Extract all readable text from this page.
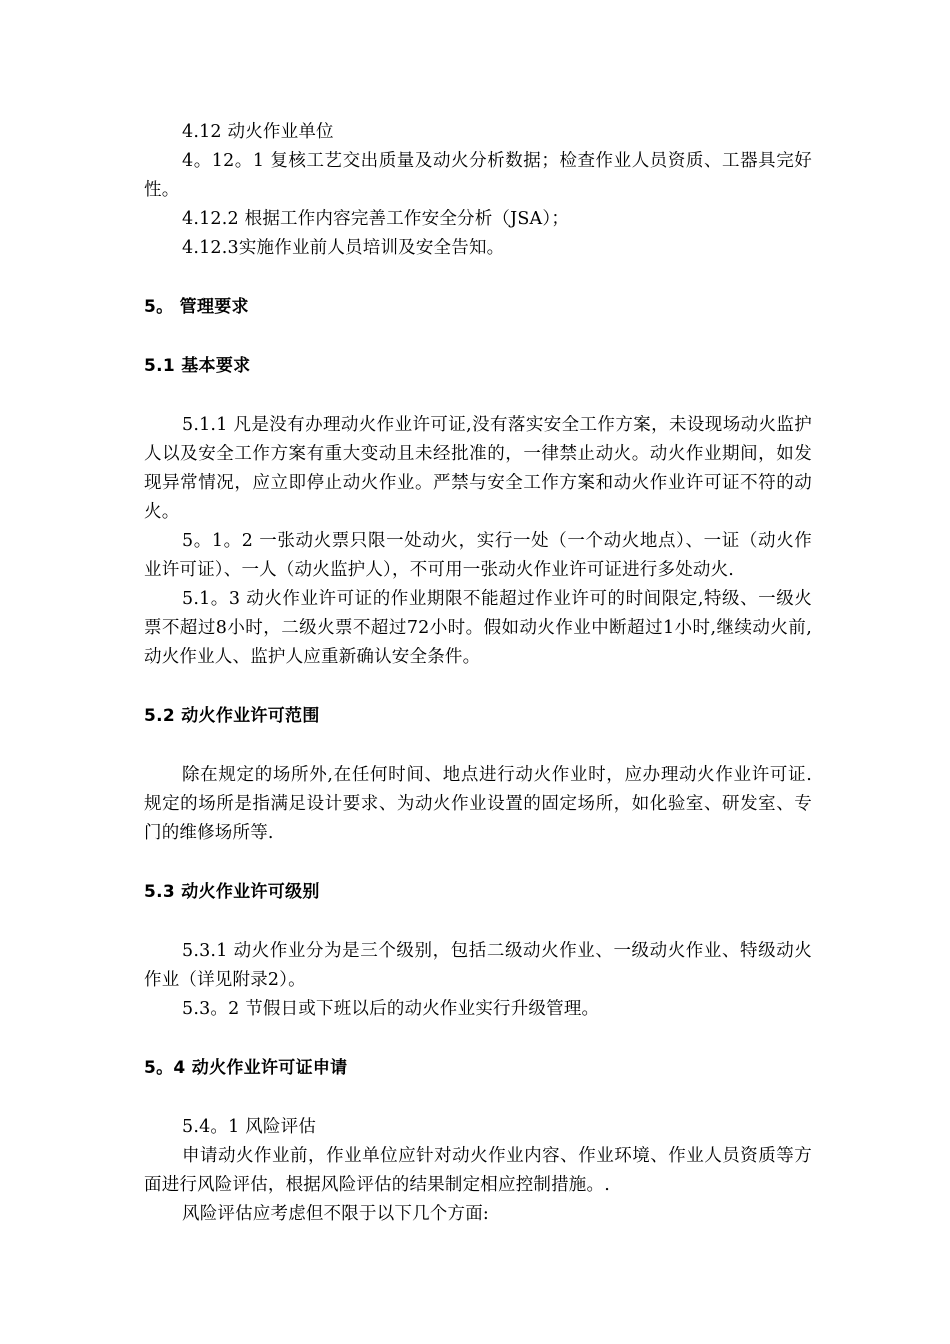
4.12 动火作业单位

4。12。1 复核工艺交出质量及动火分析数据；检查作业人员资质、工器具完好性。

4.12.2 根据工作内容完善工作安全分析（JSA）；

4.12.3实施作业前人员培训及安全告知。

5。 管理要求

5.1 基本要求

5.1.1 凡是没有办理动火作业许可证,没有落实安全工作方案，未设现场动火监护人以及安全工作方案有重大变动且未经批准的，一律禁止动火。动火作业期间，如发现异常情况，应立即停止动火作业。严禁与安全工作方案和动火作业许可证不符的动火。

5。1。2 一张动火票只限一处动火，实行一处（一个动火地点）、一证（动火作业许可证）、一人（动火监护人），不可用一张动火作业许可证进行多处动火.

5.1。3 动火作业许可证的作业期限不能超过作业许可的时间限定,特级、一级火票不超过8小时，二级火票不超过72小时。假如动火作业中断超过1小时,继续动火前,动火作业人、监护人应重新确认安全条件。

5.2 动火作业许可范围

除在规定的场所外,在任何时间、地点进行动火作业时，应办理动火作业许可证.规定的场所是指满足设计要求、为动火作业设置的固定场所，如化验室、研发室、专门的维修场所等.

5.3 动火作业许可级别

5.3.1 动火作业分为是三个级别，包括二级动火作业、一级动火作业、特级动火作业（详见附录2）。

5.3。2 节假日或下班以后的动火作业实行升级管理。

5。4 动火作业许可证申请

5.4。1 风险评估

申请动火作业前，作业单位应针对动火作业内容、作业环境、作业人员资质等方面进行风险评估，根据风险评估的结果制定相应控制措施。.

风险评估应考虑但不限于以下几个方面:
